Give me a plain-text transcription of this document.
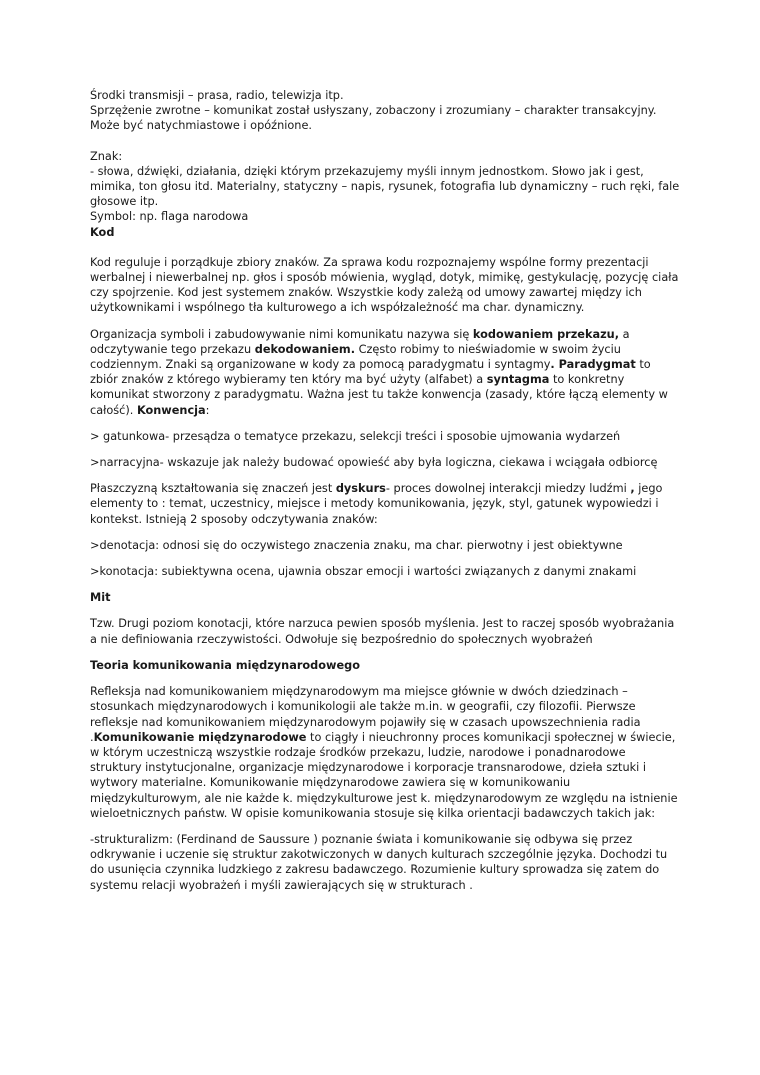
Środki transmisji – prasa, radio, telewizja itp.

Sprzężenie zwrotne – komunikat został usłyszany, zobaczony i zrozumiany – charakter transakcyjny. Może być natychmiastowe i opóźnione.

Znak:

- słowa, dźwięki, działania, dzięki którym przekazujemy myśli innym jednostkom. Słowo jak i gest, mimika, ton głosu itd. Materialny, statyczny – napis, rysunek, fotografia lub dynamiczny – ruch ręki, fale głosowe itp.

Symbol: np. flaga narodowa

Kod

Kod reguluje i porządkuje zbiory znaków. Za sprawa kodu rozpoznajemy wspólne formy prezentacji werbalnej i niewerbalnej np. głos i sposób mówienia, wygląd, dotyk, mimikę, gestykulację, pozycję ciała czy spojrzenie. Kod jest systemem znaków. Wszystkie kody zależą od umowy zawartej między ich użytkownikami i wspólnego tła kulturowego a ich współzależność ma char. dynamiczny.

Organizacja symboli i zabudowywanie nimi komunikatu nazywa się kodowaniem przekazu, a odczytywanie tego przekazu dekodowaniem. Często robimy to nieświadomie w swoim życiu codziennym. Znaki są organizowane w kody za pomocą paradygmatu i syntagmy. Paradygmat to zbiór znaków z którego wybieramy ten który ma być użyty (alfabet) a syntagma to konkretny komunikat stworzony z paradygmatu. Ważna jest tu także konwencja (zasady, które łączą elementy w całość). Konwencja:

> gatunkowa- przesądza o tematyce przekazu, selekcji treści i sposobie ujmowania wydarzeń

>narracyjna- wskazuje jak należy budować opowieść aby była logiczna, ciekawa i wciągała odbiorcę

Płaszczyzną kształtowania się znaczeń jest dyskurs- proces dowolnej interakcji miedzy ludźmi , jego elementy to : temat, uczestnicy, miejsce i metody komunikowania, język, styl, gatunek wypowiedzi i kontekst. Istnieją 2 sposoby odczytywania znaków:

>denotacja: odnosi się do oczywistego znaczenia znaku, ma char. pierwotny i jest obiektywne

>konotacja: subiektywna ocena, ujawnia obszar emocji i wartości związanych z danymi znakami

Mit

Tzw. Drugi poziom konotacji, które narzuca pewien sposób myślenia. Jest to raczej sposób wyobrażania a nie definiowania rzeczywistości. Odwołuje się bezpośrednio do społecznych wyobrażeń

Teoria komunikowania międzynarodowego

Refleksja nad komunikowaniem międzynarodowym ma miejsce głównie w dwóch dziedzinach –stosunkach międzynarodowych i komunikologii ale także m.in. w geografii, czy filozofii. Pierwsze refleksje nad komunikowaniem międzynarodowym pojawiły się w czasach upowszechnienia radia .Komunikowanie międzynarodowe to ciągły i nieuchronny proces komunikacji społecznej w świecie, w którym uczestniczą wszystkie rodzaje środków przekazu, ludzie, narodowe i ponadnarodowe struktury instytucjonalne, organizacje międzynarodowe i korporacje transnarodowe, dzieła sztuki i wytwory materialne. Komunikowanie międzynarodowe zawiera się w komunikowaniu międzykulturowym, ale nie każde k. międzykulturowe jest k. międzynarodowym ze względu na istnienie wieloetnicznych państw. W opisie komunikowania stosuje się kilka orientacji badawczych takich jak:

-strukturalizm: (Ferdinand de Saussure ) poznanie świata i komunikowanie się odbywa się przez odkrywanie i uczenie się struktur zakotwiczonych w danych kulturach szczególnie języka. Dochodzi tu do usunięcia czynnika ludzkiego z zakresu badawczego. Rozumienie kultury sprowadza się zatem do systemu relacji wyobrażeń i myśli zawierających się w strukturach .
